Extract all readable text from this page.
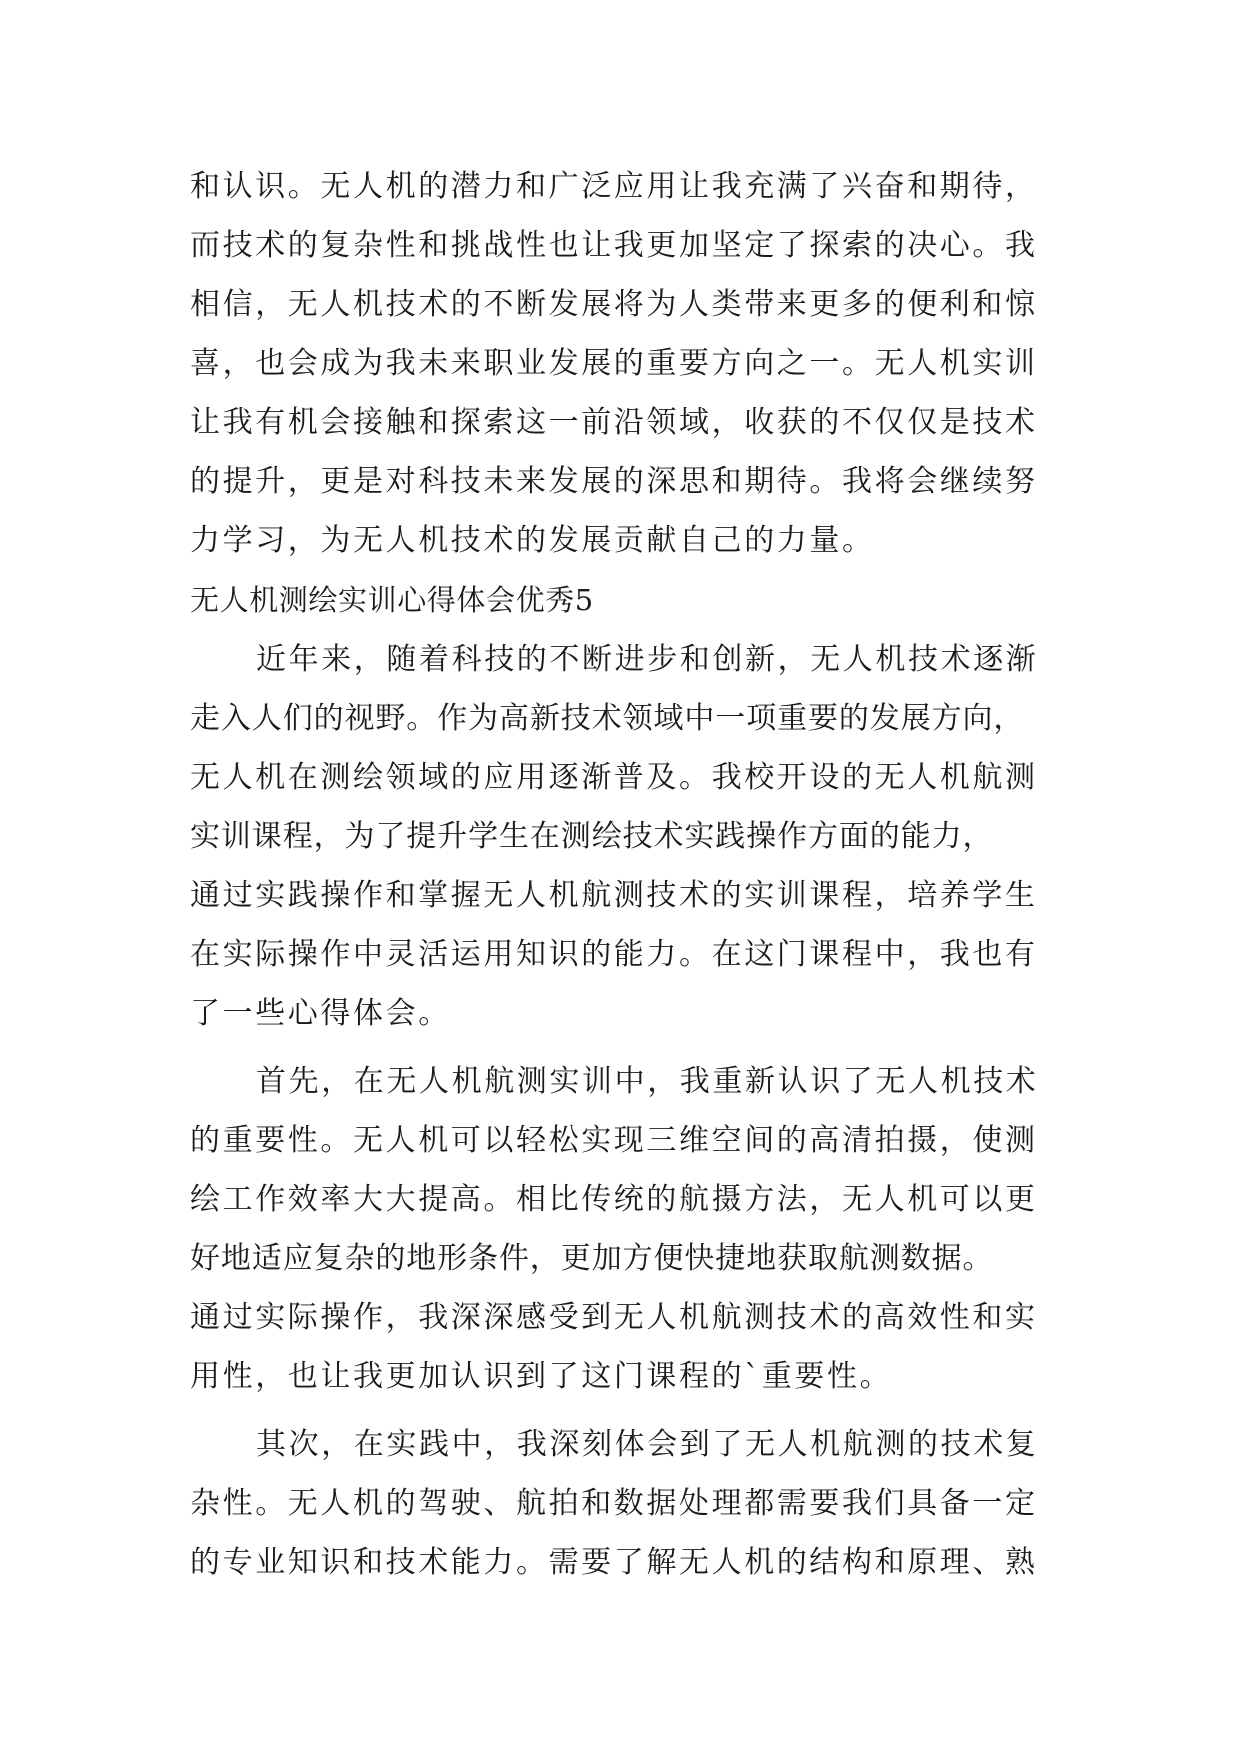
和认识。无人机的潜力和广泛应用让我充满了兴奋和期待，
而技术的复杂性和挑战性也让我更加坚定了探索的决心。我
相信，无人机技术的不断发展将为人类带来更多的便利和惊
喜，也会成为我未来职业发展的重要方向之一。无人机实训
让我有机会接触和探索这一前沿领域，收获的不仅仅是技术
的提升，更是对科技未来发展的深思和期待。我将会继续努
力学习，为无人机技术的发展贡献自己的力量。
无人机测绘实训心得体会优秀5
近年来，随着科技的不断进步和创新，无人机技术逐渐
走入人们的视野。作为高新技术领域中一项重要的发展方向，
无人机在测绘领域的应用逐渐普及。我校开设的无人机航测
实训课程，为了提升学生在测绘技术实践操作方面的能力，
通过实践操作和掌握无人机航测技术的实训课程，培养学生
在实际操作中灵活运用知识的能力。在这门课程中，我也有
了一些心得体会。
首先，在无人机航测实训中，我重新认识了无人机技术
的重要性。无人机可以轻松实现三维空间的高清拍摄，使测
绘工作效率大大提高。相比传统的航摄方法，无人机可以更
好地适应复杂的地形条件，更加方便快捷地获取航测数据。
通过实际操作，我深深感受到无人机航测技术的高效性和实
用性，也让我更加认识到了这门课程的`重要性。
其次，在实践中，我深刻体会到了无人机航测的技术复
杂性。无人机的驾驶、航拍和数据处理都需要我们具备一定
的专业知识和技术能力。需要了解无人机的结构和原理、熟
